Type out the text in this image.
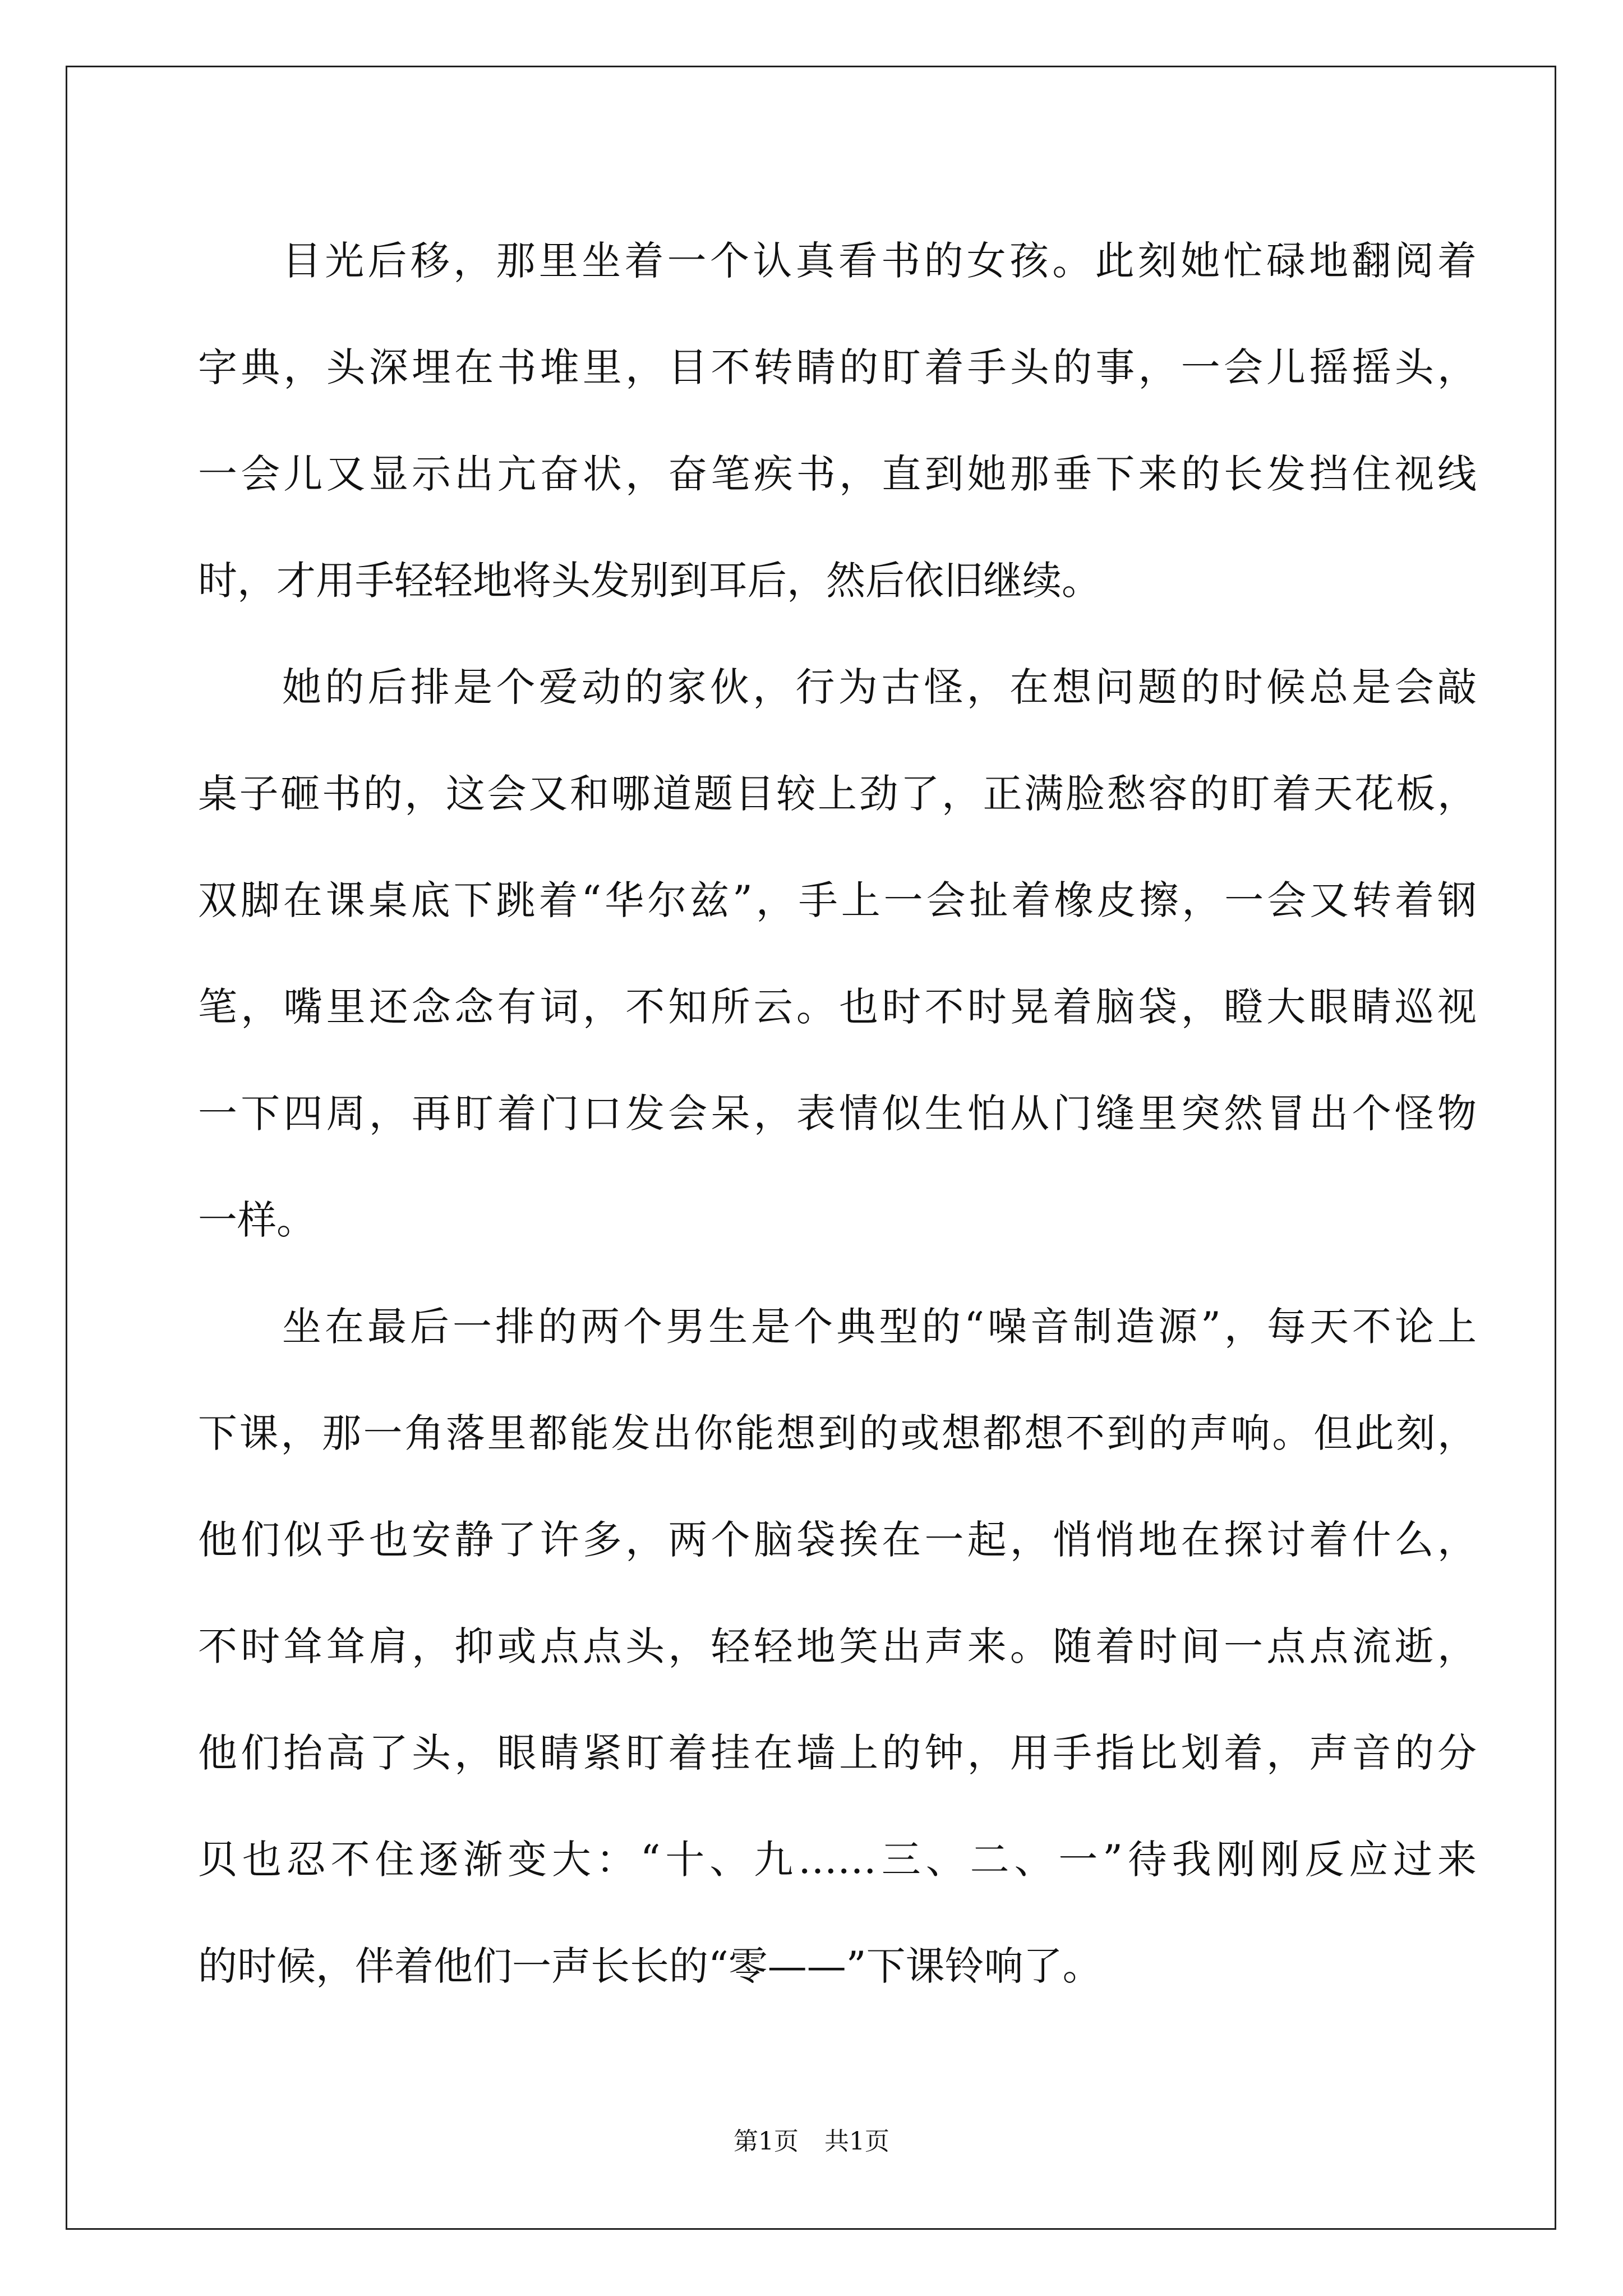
目光后移，那里坐着一个认真看书的女孩。此刻她忙碌地翻阅着
字典，头深埋在书堆里，目不转睛的盯着手头的事，一会儿摇摇头，
一会儿又显示出亢奋状，奋笔疾书，直到她那垂下来的长发挡住视线
时，才用手轻轻地将头发别到耳后，然后依旧继续。
她的后排是个爱动的家伙，行为古怪，在想问题的时候总是会敲
桌子砸书的，这会又和哪道题目较上劲了，正满脸愁容的盯着天花板，
双脚在课桌底下跳着“华尔兹”，手上一会扯着橡皮擦，一会又转着钢
笔，嘴里还念念有词，不知所云。也时不时晃着脑袋，瞪大眼睛巡视
一下四周，再盯着门口发会呆，表情似生怕从门缝里突然冒出个怪物
一样。
坐在最后一排的两个男生是个典型的“噪音制造源”，每天不论上
下课，那一角落里都能发出你能想到的或想都想不到的声响。但此刻，
他们似乎也安静了许多，两个脑袋挨在一起，悄悄地在探讨着什么，
不时耸耸肩，抑或点点头，轻轻地笑出声来。随着时间一点点流逝，
他们抬高了头，眼睛紧盯着挂在墙上的钟，用手指比划着，声音的分
贝也忍不住逐渐变大：“十、九……三、二、一”待我刚刚反应过来
的时候，伴着他们一声长长的“零——”下课铃响了。
第1页 共1页
